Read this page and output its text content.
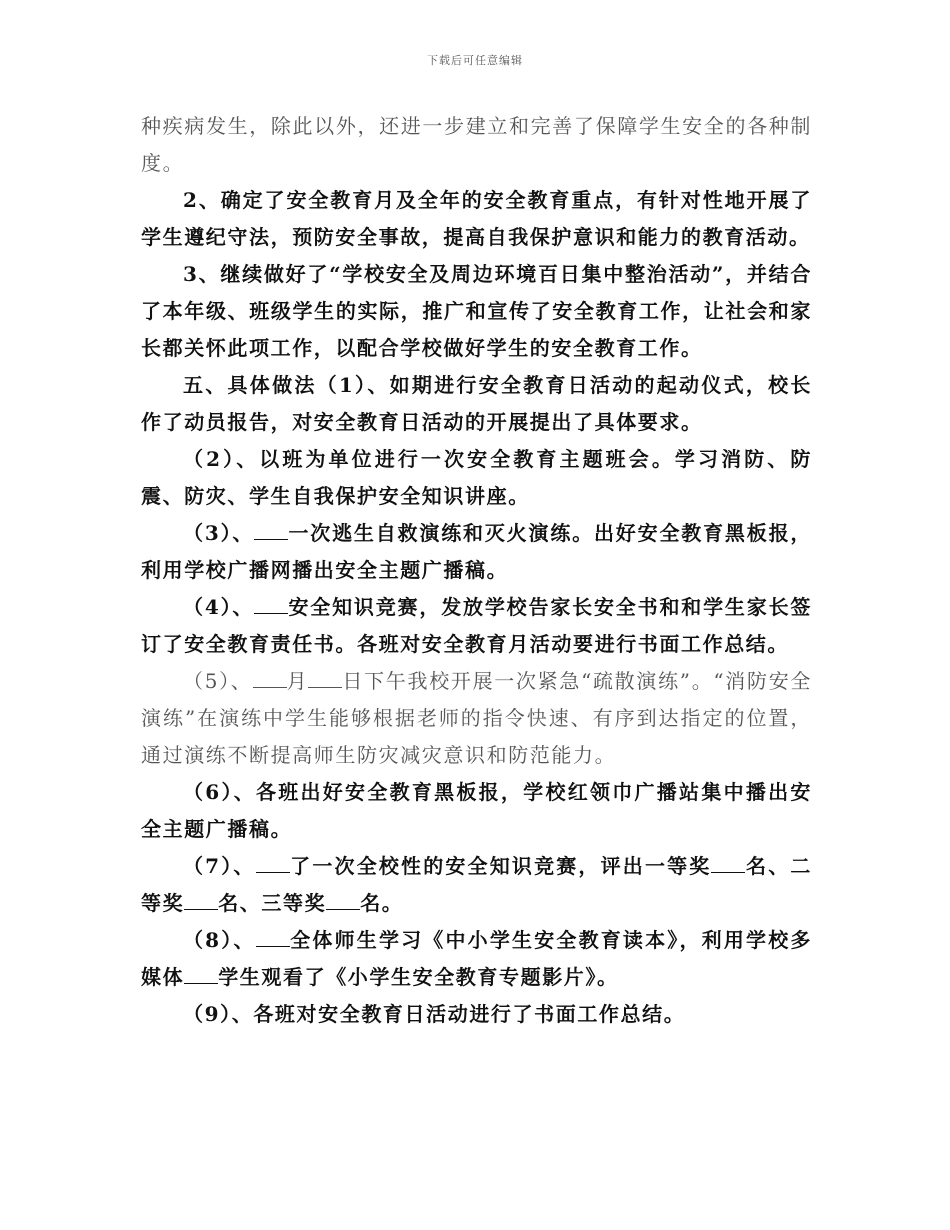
下载后可任意编辑

种疾病发生，除此以外，还进一步建立和完善了保障学生安全的各种制度。

2、确定了安全教育月及全年的安全教育重点，有针对性地开展了学生遵纪守法，预防安全事故，提高自我保护意识和能力的教育活动。

3、继续做好了“学校安全及周边环境百日集中整治活动”，并结合了本年级、班级学生的实际，推广和宣传了安全教育工作，让社会和家长都关怀此项工作，以配合学校做好学生的安全教育工作。

五、具体做法（1）、如期进行安全教育日活动的起动仪式，校长作了动员报告，对安全教育日活动的开展提出了具体要求。

（2）、以班为单位进行一次安全教育主题班会。学习消防、防震、防灾、学生自我保护安全知识讲座。

（3）、 一次逃生自救演练和灭火演练。出好安全教育黑板报，利用学校广播网播出安全主题广播稿。

（4）、 安全知识竞赛，发放学校告家长安全书和和学生家长签订了安全教育责任书。各班对安全教育月活动要进行书面工作总结。

（5）、 月 日下午我校开展一次紧急“疏散演练”。“消防安全演练”在演练中学生能够根据老师的指令快速、有序到达指定的位置，通过演练不断提高师生防灾减灾意识和防范能力。

（6）、各班出好安全教育黑板报，学校红领巾广播站集中播出安全主题广播稿。

（7）、 了一次全校性的安全知识竞赛，评出一等奖 名、二等奖 名、三等奖 名。

（8）、 全体师生学习《中小学生安全教育读本》，利用学校多媒体 学生观看了《小学生安全教育专题影片》。

（9）、各班对安全教育日活动进行了书面工作总结。
